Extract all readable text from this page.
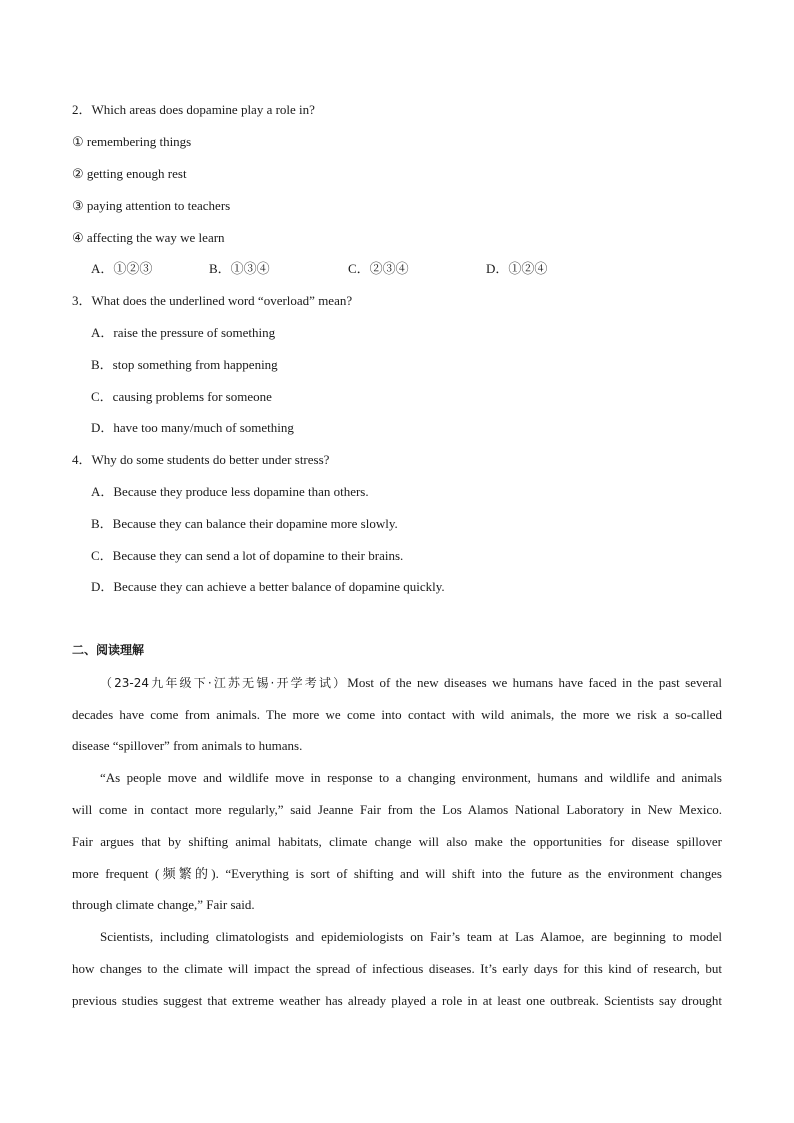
2．Which areas does dopamine play a role in?
① remembering things
② getting enough rest
③ paying attention to teachers
④ affecting the way we learn
A．①②③	B．①③④	C．②③④	D．①②④
3．What does the underlined word “overload” mean?
A．raise the pressure of something
B．stop something from happening
C．causing problems for someone
D．have too many/much of something
4．Why do some students do better under stress?
A．Because they produce less dopamine than others.
B．Because they can balance their dopamine more slowly.
C．Because they can send a lot of dopamine to their brains.
D．Because they can achieve a better balance of dopamine quickly.
二、阅读理解
（23-24九年级下·江苏无锡·开学考试）Most of the new diseases we humans have faced in the past several
decades have come from animals. The more we come into contact with wild animals, the more we risk a so-called
disease “spillover” from animals to humans.
“As people move and wildlife move in response to a changing environment, humans and wildlife and animals
will come in contact more regularly,” said Jeanne Fair from the Los Alamos National Laboratory in New Mexico.
Fair argues that by shifting animal habitats, climate change will also make the opportunities for disease spillover
more frequent (频繁的). “Everything is sort of shifting and will shift into the future as the environment changes
through climate change,” Fair said.
Scientists, including climatologists and epidemiologists on Fair’s team at Las Alamoe, are beginning to model
how changes to the climate will impact the spread of infectious diseases. It’s early days for this kind of research, but
previous studies suggest that extreme weather has already played a role in at least one outbreak. Scientists say drought
